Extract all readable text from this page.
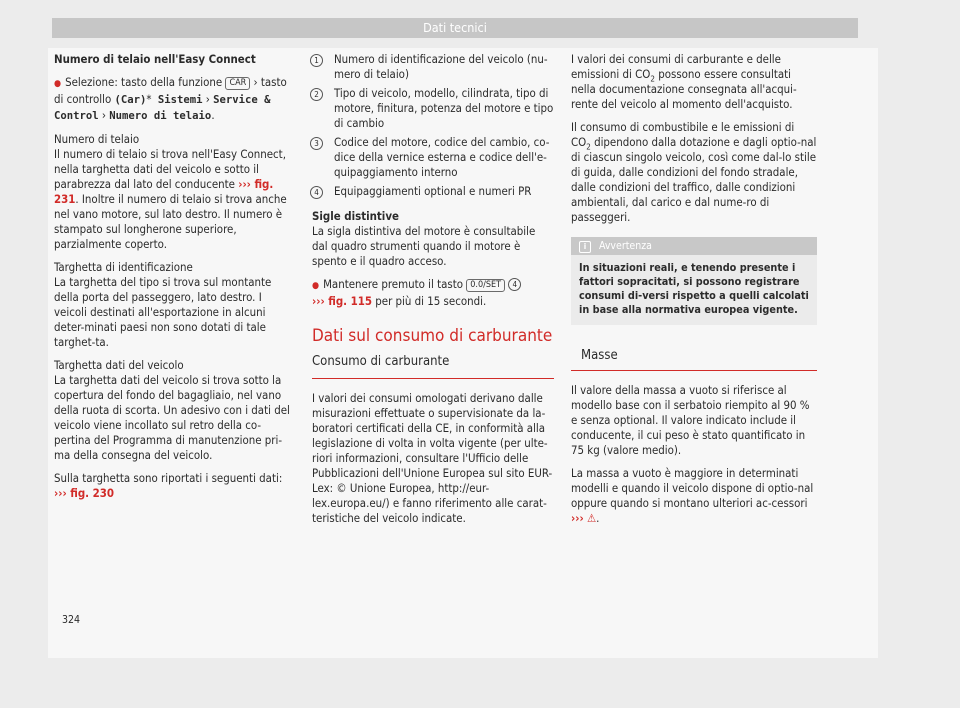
Dati tecnici

Numero di telaio nell'Easy Connect

● Selezione: tasto della funzione CAR › tasto di controllo (Car)* Sistemi › Service & Control › Numero di telaio.

Numero di telaio
Il numero di telaio si trova nell'Easy Connect, nella targhetta dati del veicolo e sotto il parabrezza dal lato del conducente ››› fig. 231. Inoltre il numero di telaio si trova anche nel vano motore, sul lato destro. Il numero è stampato sul longherone superiore, parzialmente coperto.

Targhetta di identificazione
La targhetta del tipo si trova sul montante della porta del passeggero, lato destro. I veicoli destinati all'esportazione in alcuni deter-minati paesi non sono dotati di tale targhet-ta.

Targhetta dati del veicolo
La targhetta dati del veicolo si trova sotto la copertura del fondo del bagagliaio, nel vano della ruota di scorta. Un adesivo con i dati del veicolo viene incollato sul retro della co-pertina del Programma di manutenzione pri-ma della consegna del veicolo.

Sulla targhetta sono riportati i seguenti dati:
››› fig. 230

1	Numero di identificazione del veicolo (nu-mero di telaio)
2	Tipo di veicolo, modello, cilindrata, tipo di motore, finitura, potenza del motore e tipo di cambio
3	Codice del motore, codice del cambio, co-dice della vernice esterna e codice dell'e-quipaggiamento interno
4	Equipaggiamenti optional e numeri PR

Sigle distintive
La sigla distintiva del motore è consultabile dal quadro strumenti quando il motore è spento e il quadro acceso.

● Mantenere premuto il tasto 0.0/SET 4
››› fig. 115 per più di 15 secondi.

Dati sul consumo di carburante
Consumo di carburante

I valori dei consumi omologati derivano dalle misurazioni effettuate o supervisionate da la-boratori certificati della CE, in conformità alla legislazione di volta in volta vigente (per ulte-riori informazioni, consultare l'Ufficio delle Pubblicazioni dell'Unione Europea sul sito EUR-Lex: © Unione Europea, http://eur-lex.europa.eu/) e fanno riferimento alle carat-teristiche del veicolo indicate.

I valori dei consumi di carburante e delle emissioni di $CO_2$ possono essere consultati nella documentazione consegnata all'acqui-rente del veicolo al momento dell'acquisto.

Il consumo di combustibile e le emissioni di $CO_2$ dipendono dalla dotazione e dagli optio-nal di ciascun singolo veicolo, così come dal-lo stile di guida, dalle condizioni del fondo stradale, dalle condizioni del traffico, dalle condizioni ambientali, dal carico e dal nume-ro di passeggeri.

i Avvertenza
In situazioni reali, e tenendo presente i fattori sopracitati, si possono registrare consumi di-versi rispetto a quelli calcolati in base alla normativa europea vigente.
Masse

Il valore della massa a vuoto si riferisce al modello base con il serbatoio riempito al 90 % e senza optional. Il valore indicato include il conducente, il cui peso è stato quantificato in 75 kg (valore medio).

La massa a vuoto è maggiore in determinati modelli e quando il veicolo dispone di optio-nal oppure quando si montano ulteriori ac-cessori ››› ⚠.

324
